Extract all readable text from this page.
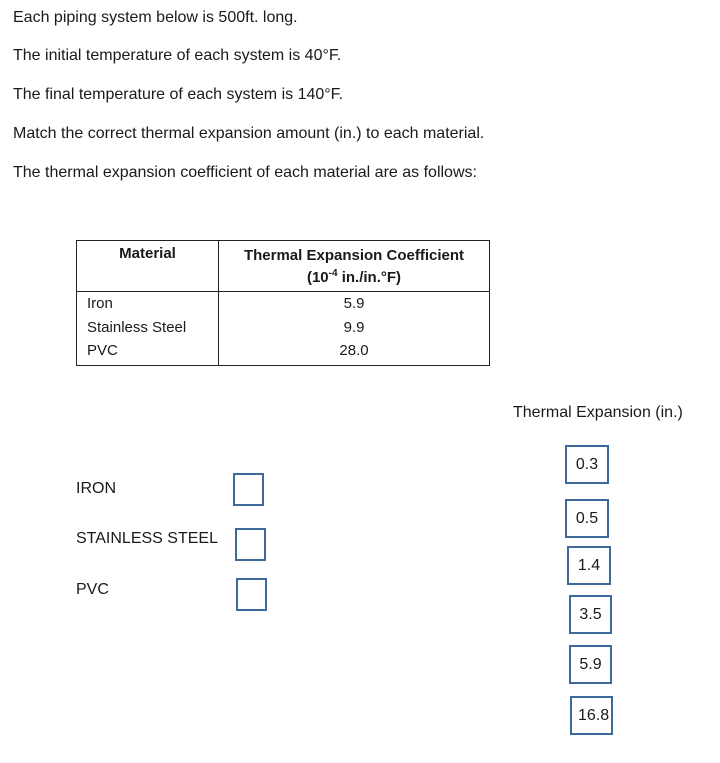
Each piping system below is 500ft. long.
The initial temperature of each system is 40°F.
The final temperature of each system is 140°F.
Match the correct thermal expansion amount (in.) to each material.
The thermal expansion coefficient of each material are as follows:
Material	Thermal Expansion Coefficient
($10^{-4}$ in./in.°F)

Iron	5.9
Stainless Steel	9.9
PVC	28.0
IRON
STAINLESS STEEL
PVC
Thermal Expansion (in.)
0.3
0.5
1.4
3.5
5.9
16.8
